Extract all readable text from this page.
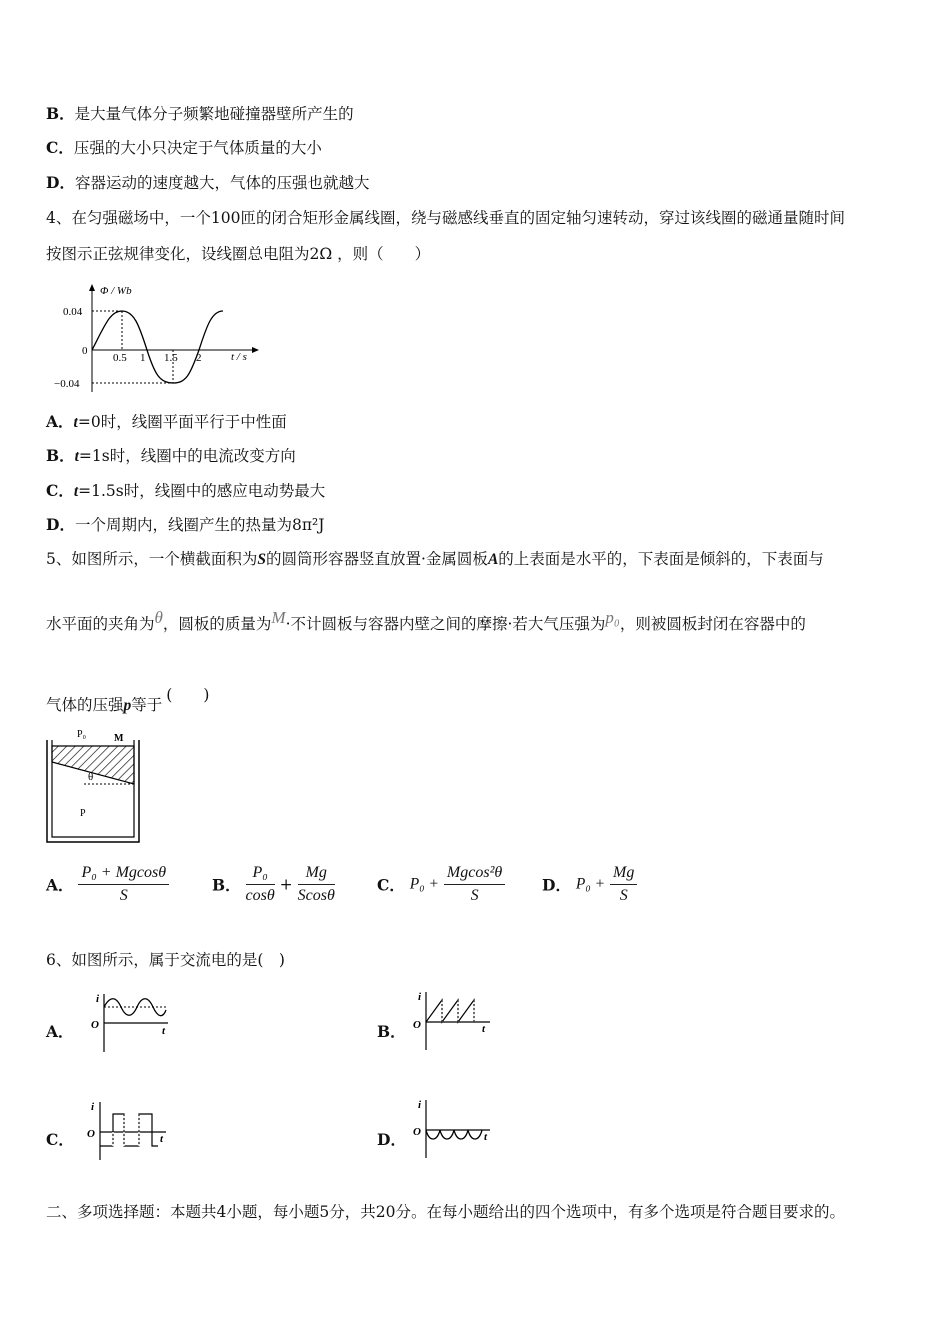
B．是大量气体分子频繁地碰撞器壁所产生的
C．压强的大小只决定于气体质量的大小
D．容器运动的速度越大，气体的压强也就越大
4、在匀强磁场中，一个100匝的闭合矩形金属线圈，绕与磁感线垂直的固定轴匀速转动，穿过该线圈的磁通量随时间
按图示正弦规律变化，设线圈总电阻为2Ω ，则（　　）
Φ / Wb
0.04
0
−0.04
0.5 1 1.5 2	t / s
A．t=0时，线圈平面平行于中性面
B．t=1s时，线圈中的电流改变方向
C．t=1.5s时，线圈中的感应电动势最大
D．一个周期内，线圈产生的热量为8π²J
5、如图所示，一个横截面积为S的圆筒形容器竖直放置·金属圆板A的上表面是水平的，下表面是倾斜的，下表面与
水平面的夹角为θ，圆板的质量为M·不计圆板与容器内壁之间的摩擦·若大气压强为p₀，则被圆板封闭在容器中的
气体的压强p等于(　　)
P₀	M
θ
P
A． $\frac{\text{P₀ + Mgcosθ}}{S}$	B． $\frac{\text{P₀}}{\cos\theta} + \frac{Mg}{Scos\theta}$	C． $P_0 + \frac{\text{Mgcos²θ}}{S}$ D． $P_0 + \frac{Mg}{S}$
6、如图所示，属于交流电的是(　)
A．
i
O	t	B．
i
O	t
C．
i
O	t	D．
i
O	t
二、多项选择题：本题共4小题，每小题5分，共20分。在每小题给出的四个选项中，有多个选项是符合题目要求的。
